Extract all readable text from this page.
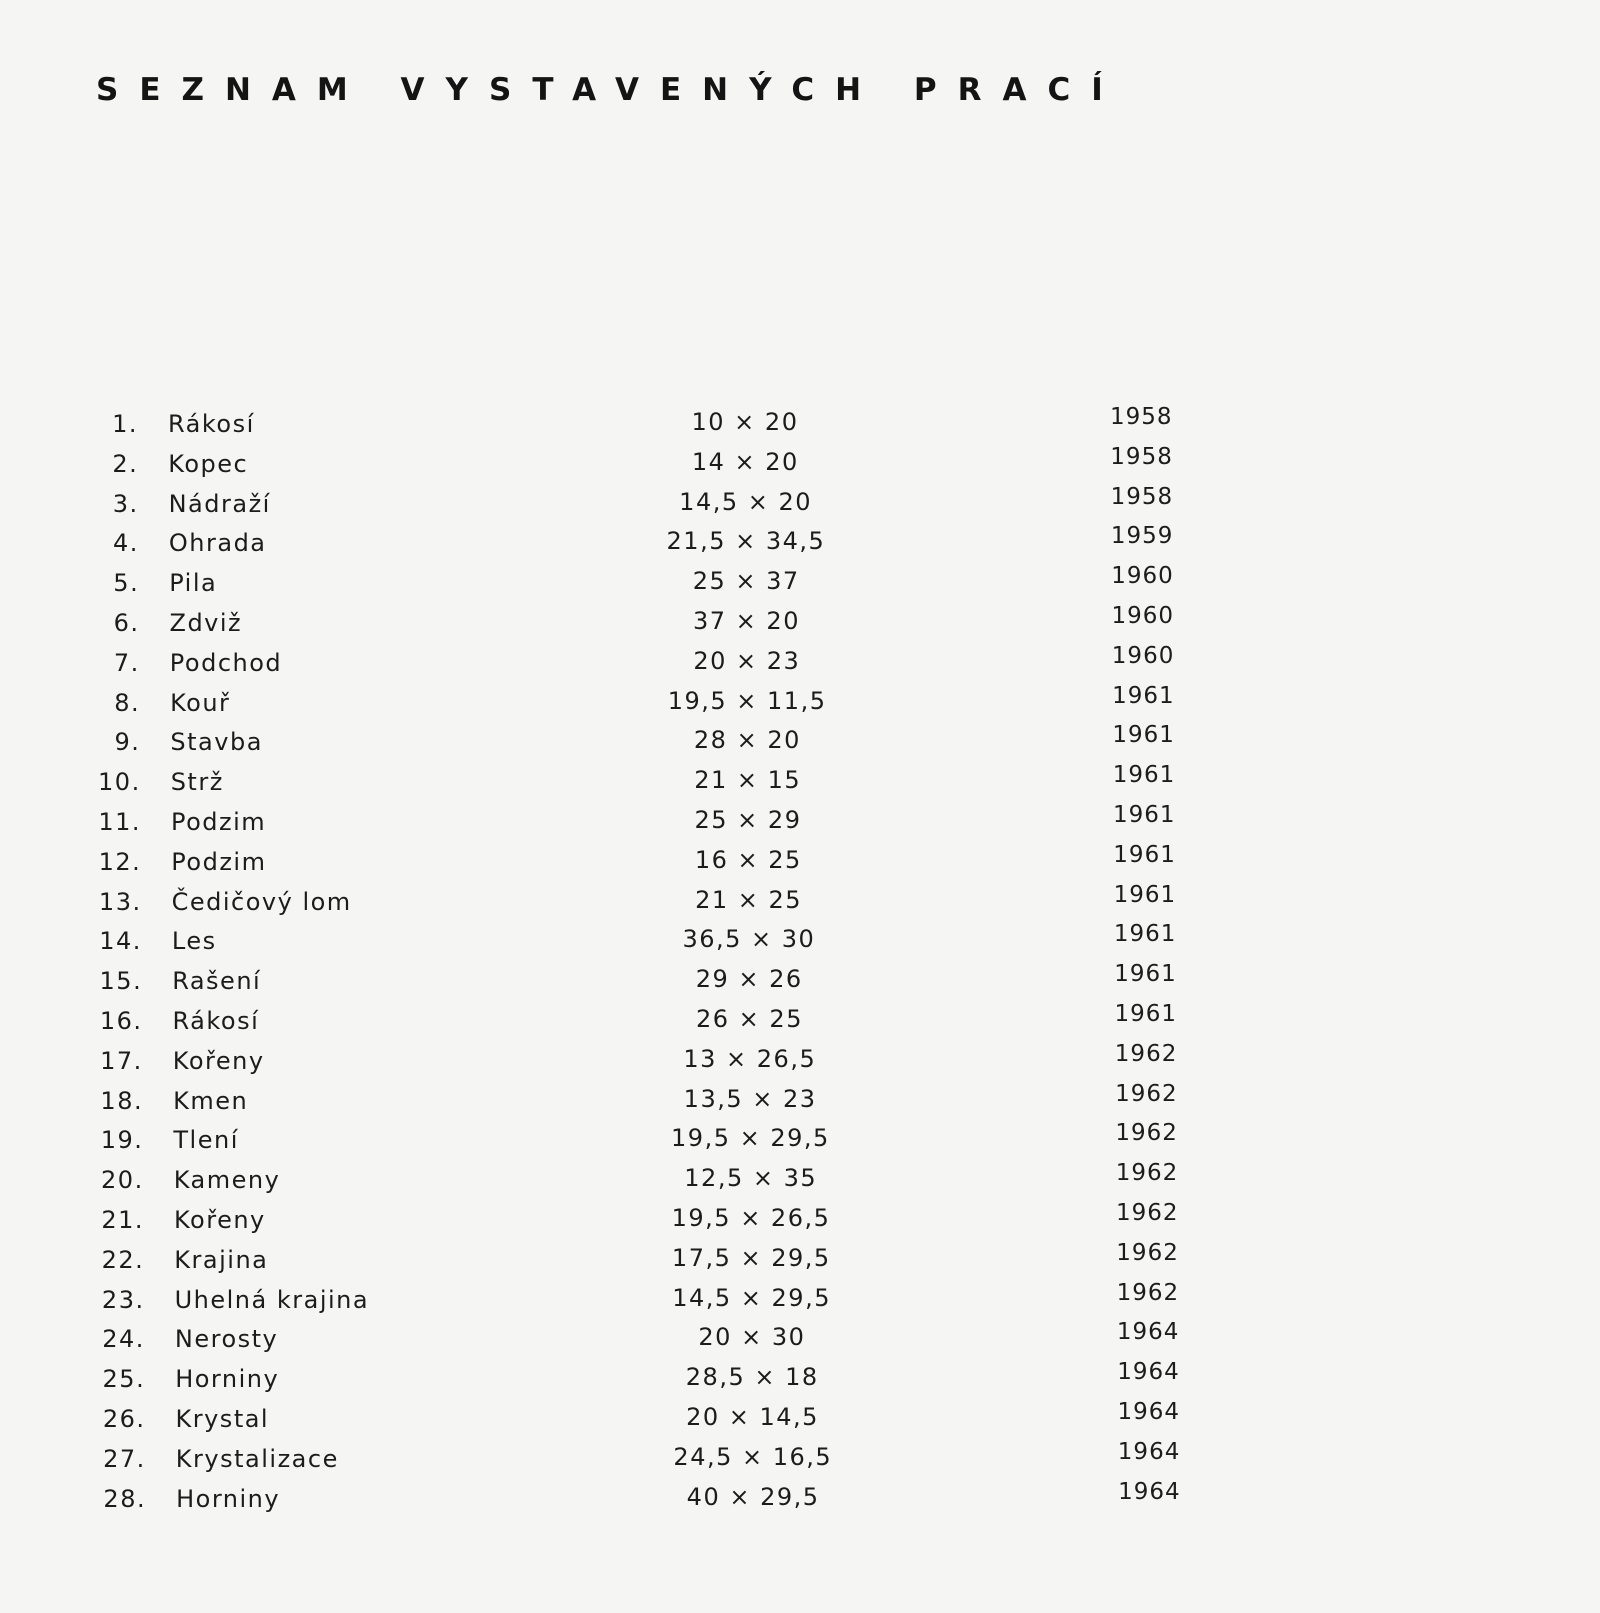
SEZNAM VYSTAVENÝCH PRACÍ
1. Rákosí	10 × 20	1958
2. Kopec	14 × 20	1958
3. Nádraží	14,5 × 20	1958
4. Ohrada	21,5 × 34,5	1959
5. Pila	25 × 37	1960
6. Zdviž	37 × 20	1960
7. Podchod	20 × 23	1960
8. Kouř	19,5 × 11,5	1961
9. Stavba	28 × 20	1961
10. Strž	21 × 15	1961
11. Podzim	25 × 29	1961
12. Podzim	16 × 25	1961
13. Čedičový lom	21 × 25	1961
14. Les	36,5 × 30	1961
15. Rašení	29 × 26	1961
16. Rákosí	26 × 25	1961
17. Kořeny	13 × 26,5	1962
18. Kmen	13,5 × 23	1962
19. Tlení	19,5 × 29,5	1962
20. Kameny	12,5 × 35	1962
21. Kořeny	19,5 × 26,5	1962
22. Krajina	17,5 × 29,5	1962
23. Uhelná krajina	14,5 × 29,5	1962
24. Nerosty	20 × 30	1964
25. Horniny	28,5 × 18	1964
26. Krystal	20 × 14,5	1964
27. Krystalizace	24,5 × 16,5	1964
28. Horniny	40 × 29,5	1964
